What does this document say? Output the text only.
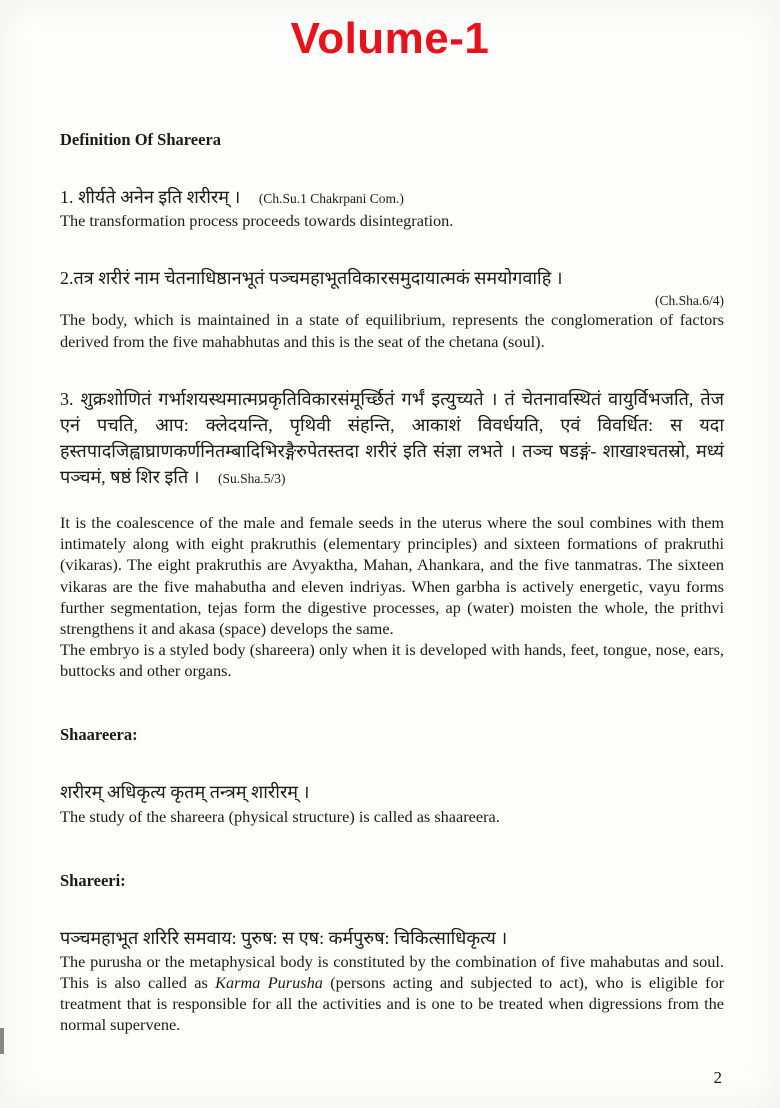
Volume-1
Definition Of Shareera

1. शीर्यते अनेन इति शरीरम् । (Ch.Su.1 Chakrpani Com.)

The transformation process proceeds towards disintegration.

2.तत्र शरीरं नाम चेतनाधिष्ठानभूतं पञ्चमहाभूतविकारसमुदायात्मकं समयोगवाहि ।

(Ch.Sha.6/4)

The body, which is maintained in a state of equilibrium, represents the conglomeration of factors derived from the five mahabhutas and this is the seat of the chetana (soul).

3. शुक्रशोणितं गर्भाशयस्थमात्मप्रकृतिविकारसंमूर्च्छितं गर्भं इत्युच्यते । तं चेतनावस्थितं वायुर्विभजति, तेज एनं पचति, आप: क्लेदयन्ति, पृथिवी संहन्ति, आकाशं विवर्धयति, एवं विवर्धित: स यदा हस्तपादजिह्वाघ्राणकर्णनितम्बादिभिरङ्गैरुपेतस्तदा शरीरं इति संज्ञा लभते । तञ्च षडङ्गं- शाखाश्चतस्रो, मध्यं पञ्चमं, षष्ठं शिर इति । (Su.Sha.5/3)

It is the coalescence of the male and female seeds in the uterus where the soul combines with them intimately along with eight prakruthis (elementary principles) and sixteen formations of prakruthi (vikaras). The eight prakruthis are Avyaktha, Mahan, Ahankara, and the five tanmatras. The sixteen vikaras are the five mahabutha and eleven indriyas. When garbha is actively energetic, vayu forms further segmentation, tejas form the digestive processes, ap (water) moisten the whole, the prithvi strengthens it and akasa (space) develops the same.

The embryo is a styled body (shareera) only when it is developed with hands, feet, tongue, nose, ears, buttocks and other organs.

Shaareera:

शरीरम् अधिकृत्य कृतम् तन्त्रम् शारीरम् ।

The study of the shareera (physical structure) is called as shaareera.

Shareeri:

पञ्चमहाभूत शरिरि समवाय: पुरुष: स एष: कर्मपुरुष: चिकित्साधिकृत्य ।

The purusha or the metaphysical body is constituted by the combination of five mahabutas and soul. This is also called as Karma Purusha (persons acting and subjected to act), who is eligible for treatment that is responsible for all the activities and is one to be treated when digressions from the normal supervene.

2
